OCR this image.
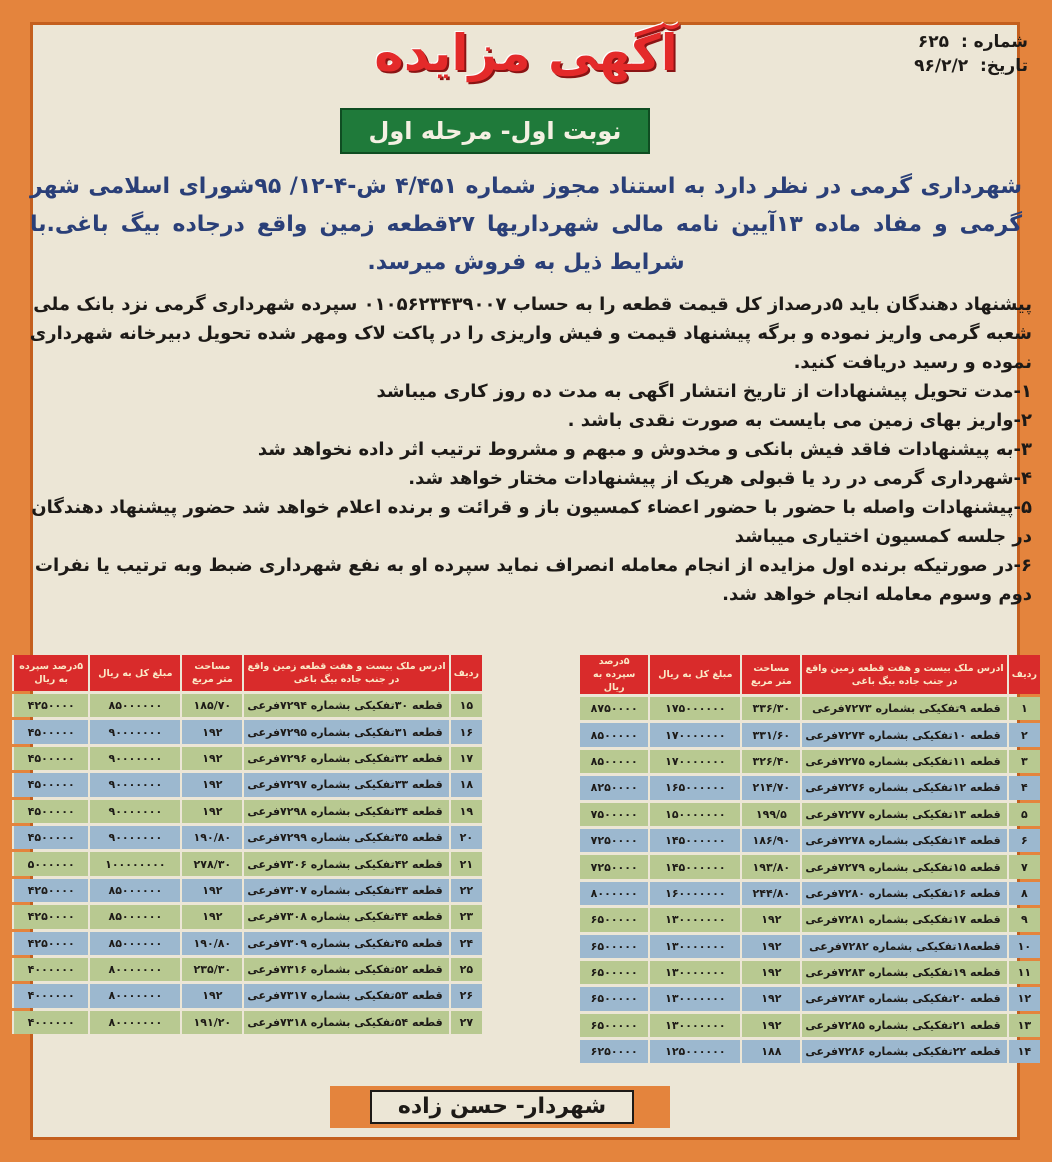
شماره : ۶۲۵
تاریخ: ۹۶/۲/۲
آگهی مزایده
نوبت اول- مرحله اول
شهرداری گرمی در نظر دارد به استناد مجوز شماره ۴/۴۵۱ ش-۴-۱۲/ ۹۵شورای اسلامی شهر گرمی و مفاد ماده ۱۳آیین نامه مالی شهرداریها ۲۷قطعه زمین واقع درجاده بیگ باغی.با شرایط ذیل به فروش میرسد.

پیشنهاد دهندگان باید ۵درصداز کل قیمت قطعه را به حساب ۰۱۰۵۶۲۳۴۳۹۰۰۷ سپرده شهرداری گرمی نزد بانک ملی شعبه گرمی واریز نموده و برگه پیشنهاد قیمت و فیش واریزی را در پاکت لاک ومهر شده تحویل دبیرخانه شهرداری نموده و رسید دریافت کنید.

۱-مدت تحویل پیشنهادات از تاریخ انتشار اگهی به مدت ده روز کاری میباشد

۲-واریز بهای زمین می بایست به صورت نقدی باشد .

۳-به پیشنهادات فاقد فیش بانکی و مخدوش و مبهم و مشروط ترتیب اثر داده نخواهد شد

۴-شهرداری گرمی در رد یا قبولی هریک از پیشنهادات مختار خواهد شد.

۵-پیشنهادات واصله با حضور با حضور اعضاء کمسیون باز و قرائت و برنده اعلام خواهد شد حضور پیشنهاد دهندگان در جلسه کمسیون اختیاری میباشد

۶-در صورتیکه برنده اول مزایده از انجام معامله انصراف نماید سپرده او به نفع شهرداری ضبط وبه ترتیب یا نفرات دوم وسوم معامله انجام خواهد شد.

ردیف	ادرس ملک بیست و هفت قطعه زمین واقع در جنب جاده بیگ باغی	مساحت متر مربع	مبلغ کل به ریال	۵درصد سپرده به ریال
۱	قطعه ۹تفکیکی بشماره ۷۲۷۳فرعی	۳۳۶/۳۰	۱۷۵۰۰۰۰۰۰	۸۷۵۰۰۰۰
۲	قطعه ۱۰تفکیکی بشماره ۷۲۷۴فرعی	۳۳۱/۶۰	۱۷۰۰۰۰۰۰۰	۸۵۰۰۰۰۰
۳	قطعه ۱۱تفکیکی بشماره ۷۲۷۵فرعی	۳۲۶/۴۰	۱۷۰۰۰۰۰۰۰	۸۵۰۰۰۰۰
۴	قطعه ۱۲تفکیکی بشماره ۷۲۷۶فرعی	۲۱۴/۷۰	۱۶۵۰۰۰۰۰۰	۸۲۵۰۰۰۰
۵	قطعه ۱۳تفکیکی بشماره ۷۲۷۷فرعی	۱۹۹/۵	۱۵۰۰۰۰۰۰۰	۷۵۰۰۰۰۰
۶	قطعه ۱۴تفکیکی بشماره ۷۲۷۸فرعی	۱۸۶/۹۰	۱۴۵۰۰۰۰۰۰	۷۲۵۰۰۰۰
۷	قطعه ۱۵تفکیکی بشماره ۷۲۷۹فرعی	۱۹۳/۸۰	۱۴۵۰۰۰۰۰۰	۷۲۵۰۰۰۰
۸	قطعه ۱۶تفکیکی بشماره ۷۲۸۰فرعی	۲۴۴/۸۰	۱۶۰۰۰۰۰۰۰	۸۰۰۰۰۰۰
۹	قطعه ۱۷تفکیکی بشماره ۷۲۸۱فرعی	۱۹۲	۱۳۰۰۰۰۰۰۰	۶۵۰۰۰۰۰
۱۰	قطعه۱۸تفکیکی بشماره ۷۲۸۲فرعی	۱۹۲	۱۳۰۰۰۰۰۰۰	۶۵۰۰۰۰۰
۱۱	قطعه ۱۹تفکیکی بشماره ۷۲۸۳فرعی	۱۹۲	۱۳۰۰۰۰۰۰۰	۶۵۰۰۰۰۰
۱۲	قطعه ۲۰تفکیکی بشماره ۷۲۸۴فرعی	۱۹۲	۱۳۰۰۰۰۰۰۰	۶۵۰۰۰۰۰
۱۳	قطعه ۲۱تفکیکی بشماره ۷۲۸۵فرعی	۱۹۲	۱۳۰۰۰۰۰۰۰	۶۵۰۰۰۰۰
۱۴	قطعه ۲۲تفکیکی بشماره ۷۲۸۶فرعی	۱۸۸	۱۲۵۰۰۰۰۰۰	۶۲۵۰۰۰۰
ردیف	ادرس ملک بیست و هفت قطعه زمین واقع در جنب جاده بیگ باغی	مساحت متر مربع	مبلغ کل به ریال	۵درصد سپرده به ریال
۱۵	قطعه ۳۰تفکیکی بشماره ۷۲۹۴فرعی	۱۸۵/۷۰	۸۵۰۰۰۰۰۰	۴۲۵۰۰۰۰
۱۶	قطعه ۳۱تفکیکی بشماره ۷۲۹۵فرعی	۱۹۲	۹۰۰۰۰۰۰۰	۴۵۰۰۰۰۰
۱۷	قطعه ۳۲تفکیکی بشماره ۷۲۹۶فرعی	۱۹۲	۹۰۰۰۰۰۰۰	۴۵۰۰۰۰۰
۱۸	قطعه ۳۳تفکیکی بشماره ۷۲۹۷فرعی	۱۹۲	۹۰۰۰۰۰۰۰	۴۵۰۰۰۰۰
۱۹	قطعه ۳۴تفکیکی بشماره ۷۲۹۸فرعی	۱۹۲	۹۰۰۰۰۰۰۰	۴۵۰۰۰۰۰
۲۰	قطعه ۳۵تفکیکی بشماره ۷۲۹۹فرعی	۱۹۰/۸۰	۹۰۰۰۰۰۰۰	۴۵۰۰۰۰۰
۲۱	قطعه ۴۲تفکیکی بشماره ۷۳۰۶فرعی	۲۷۸/۳۰	۱۰۰۰۰۰۰۰۰	۵۰۰۰۰۰۰
۲۲	قطعه ۴۳تفکیکی بشماره ۷۳۰۷فرعی	۱۹۲	۸۵۰۰۰۰۰۰	۴۲۵۰۰۰۰
۲۳	قطعه ۴۴تفکیکی بشماره ۷۳۰۸فرعی	۱۹۲	۸۵۰۰۰۰۰۰	۴۲۵۰۰۰۰
۲۴	قطعه ۴۵تفکیکی بشماره ۷۳۰۹فرعی	۱۹۰/۸۰	۸۵۰۰۰۰۰۰	۴۲۵۰۰۰۰
۲۵	قطعه ۵۲تفکیکی بشماره ۷۳۱۶فرعی	۲۳۵/۳۰	۸۰۰۰۰۰۰۰	۴۰۰۰۰۰۰
۲۶	قطعه ۵۳تفکیکی بشماره ۷۳۱۷فرعی	۱۹۲	۸۰۰۰۰۰۰۰	۴۰۰۰۰۰۰
۲۷	قطعه ۵۴تفکیکی بشماره ۷۳۱۸فرعی	۱۹۱/۲۰	۸۰۰۰۰۰۰۰	۴۰۰۰۰۰۰
شهردار- حسن زاده
